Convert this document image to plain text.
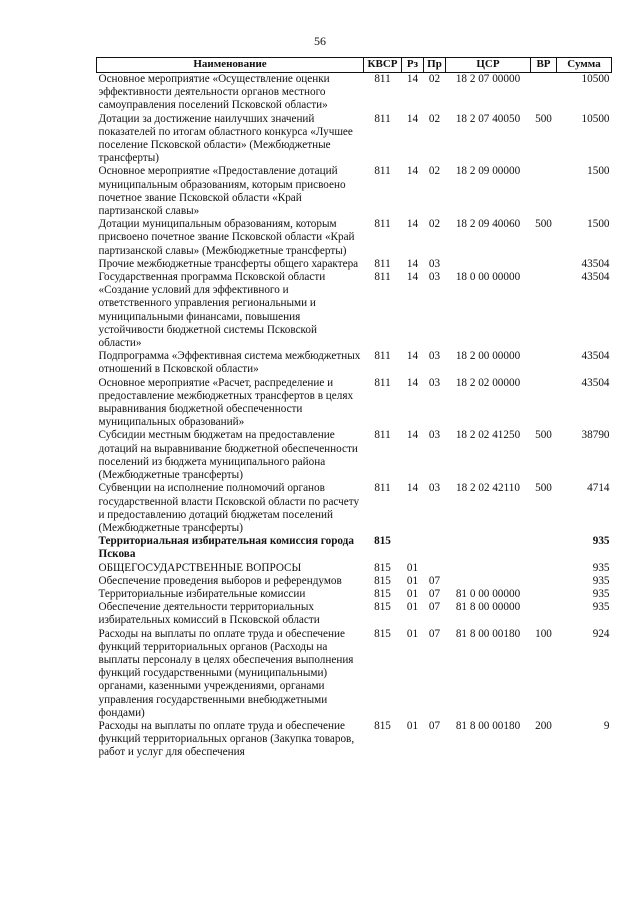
56
Наименование	КВСР	Рз	Пр	ЦСР	ВР	Сумма
Основное мероприятие «Осуществление оценки эффективности деятельности органов местного самоуправления поселений Псковской области»	811	14	02	18 2 07 00000		10500
Дотации за достижение наилучших значений показателей по итогам областного конкурса «Лучшее поселение Псковской области» (Межбюджетные трансферты)	811	14	02	18 2 07 40050	500	10500
Основное мероприятие «Предоставление дотаций муниципальным образованиям, которым присвоено почетное звание Псковской области «Край партизанской славы»	811	14	02	18 2 09 00000		1500
Дотации муниципальным образованиям, которым присвоено почетное звание Псковской области «Край партизанской славы» (Межбюджетные трансферты)	811	14	02	18 2 09 40060	500	1500
Прочие межбюджетные трансферты общего характера	811	14	03			43504
Государственная программа Псковской области «Создание условий для эффективного и ответственного управления региональными и муниципальными финансами, повышения устойчивости бюджетной системы Псковской области»	811	14	03	18 0 00 00000		43504
Подпрограмма «Эффективная система межбюджетных отношений в Псковской области»	811	14	03	18 2 00 00000		43504
Основное мероприятие «Расчет, распределение и предоставление межбюджетных трансфертов в целях выравнивания бюджетной обеспеченности муниципальных образований»	811	14	03	18 2 02 00000		43504
Субсидии местным бюджетам на предоставление дотаций на выравнивание бюджетной обеспеченности поселений из бюджета муниципального района (Межбюджетные трансферты)	811	14	03	18 2 02 41250	500	38790
Субвенции на исполнение полномочий органов государственной власти Псковской области по расчету и предоставлению дотаций бюджетам поселений (Межбюджетные трансферты)	811	14	03	18 2 02 42110	500	4714
Территориальная избирательная комиссия города Пскова	815					935
ОБЩЕГОСУДАРСТВЕННЫЕ ВОПРОСЫ	815	01				935
Обеспечение проведения выборов и референдумов	815	01	07			935
Территориальные избирательные комиссии	815	01	07	81 0 00 00000		935
Обеспечение деятельности территориальных избирательных комиссий в Псковской области	815	01	07	81 8 00 00000		935
Расходы на выплаты по оплате труда и обеспечение функций территориальных органов (Расходы на выплаты персоналу в целях обеспечения выполнения функций государственными (муниципальными) органами, казенными учреждениями, органами управления государственными внебюджетными фондами)	815	01	07	81 8 00 00180	100	924
Расходы на выплаты по оплате труда и обеспечение функций территориальных органов (Закупка товаров, работ и услуг для обеспечения	815	01	07	81 8 00 00180	200	9
